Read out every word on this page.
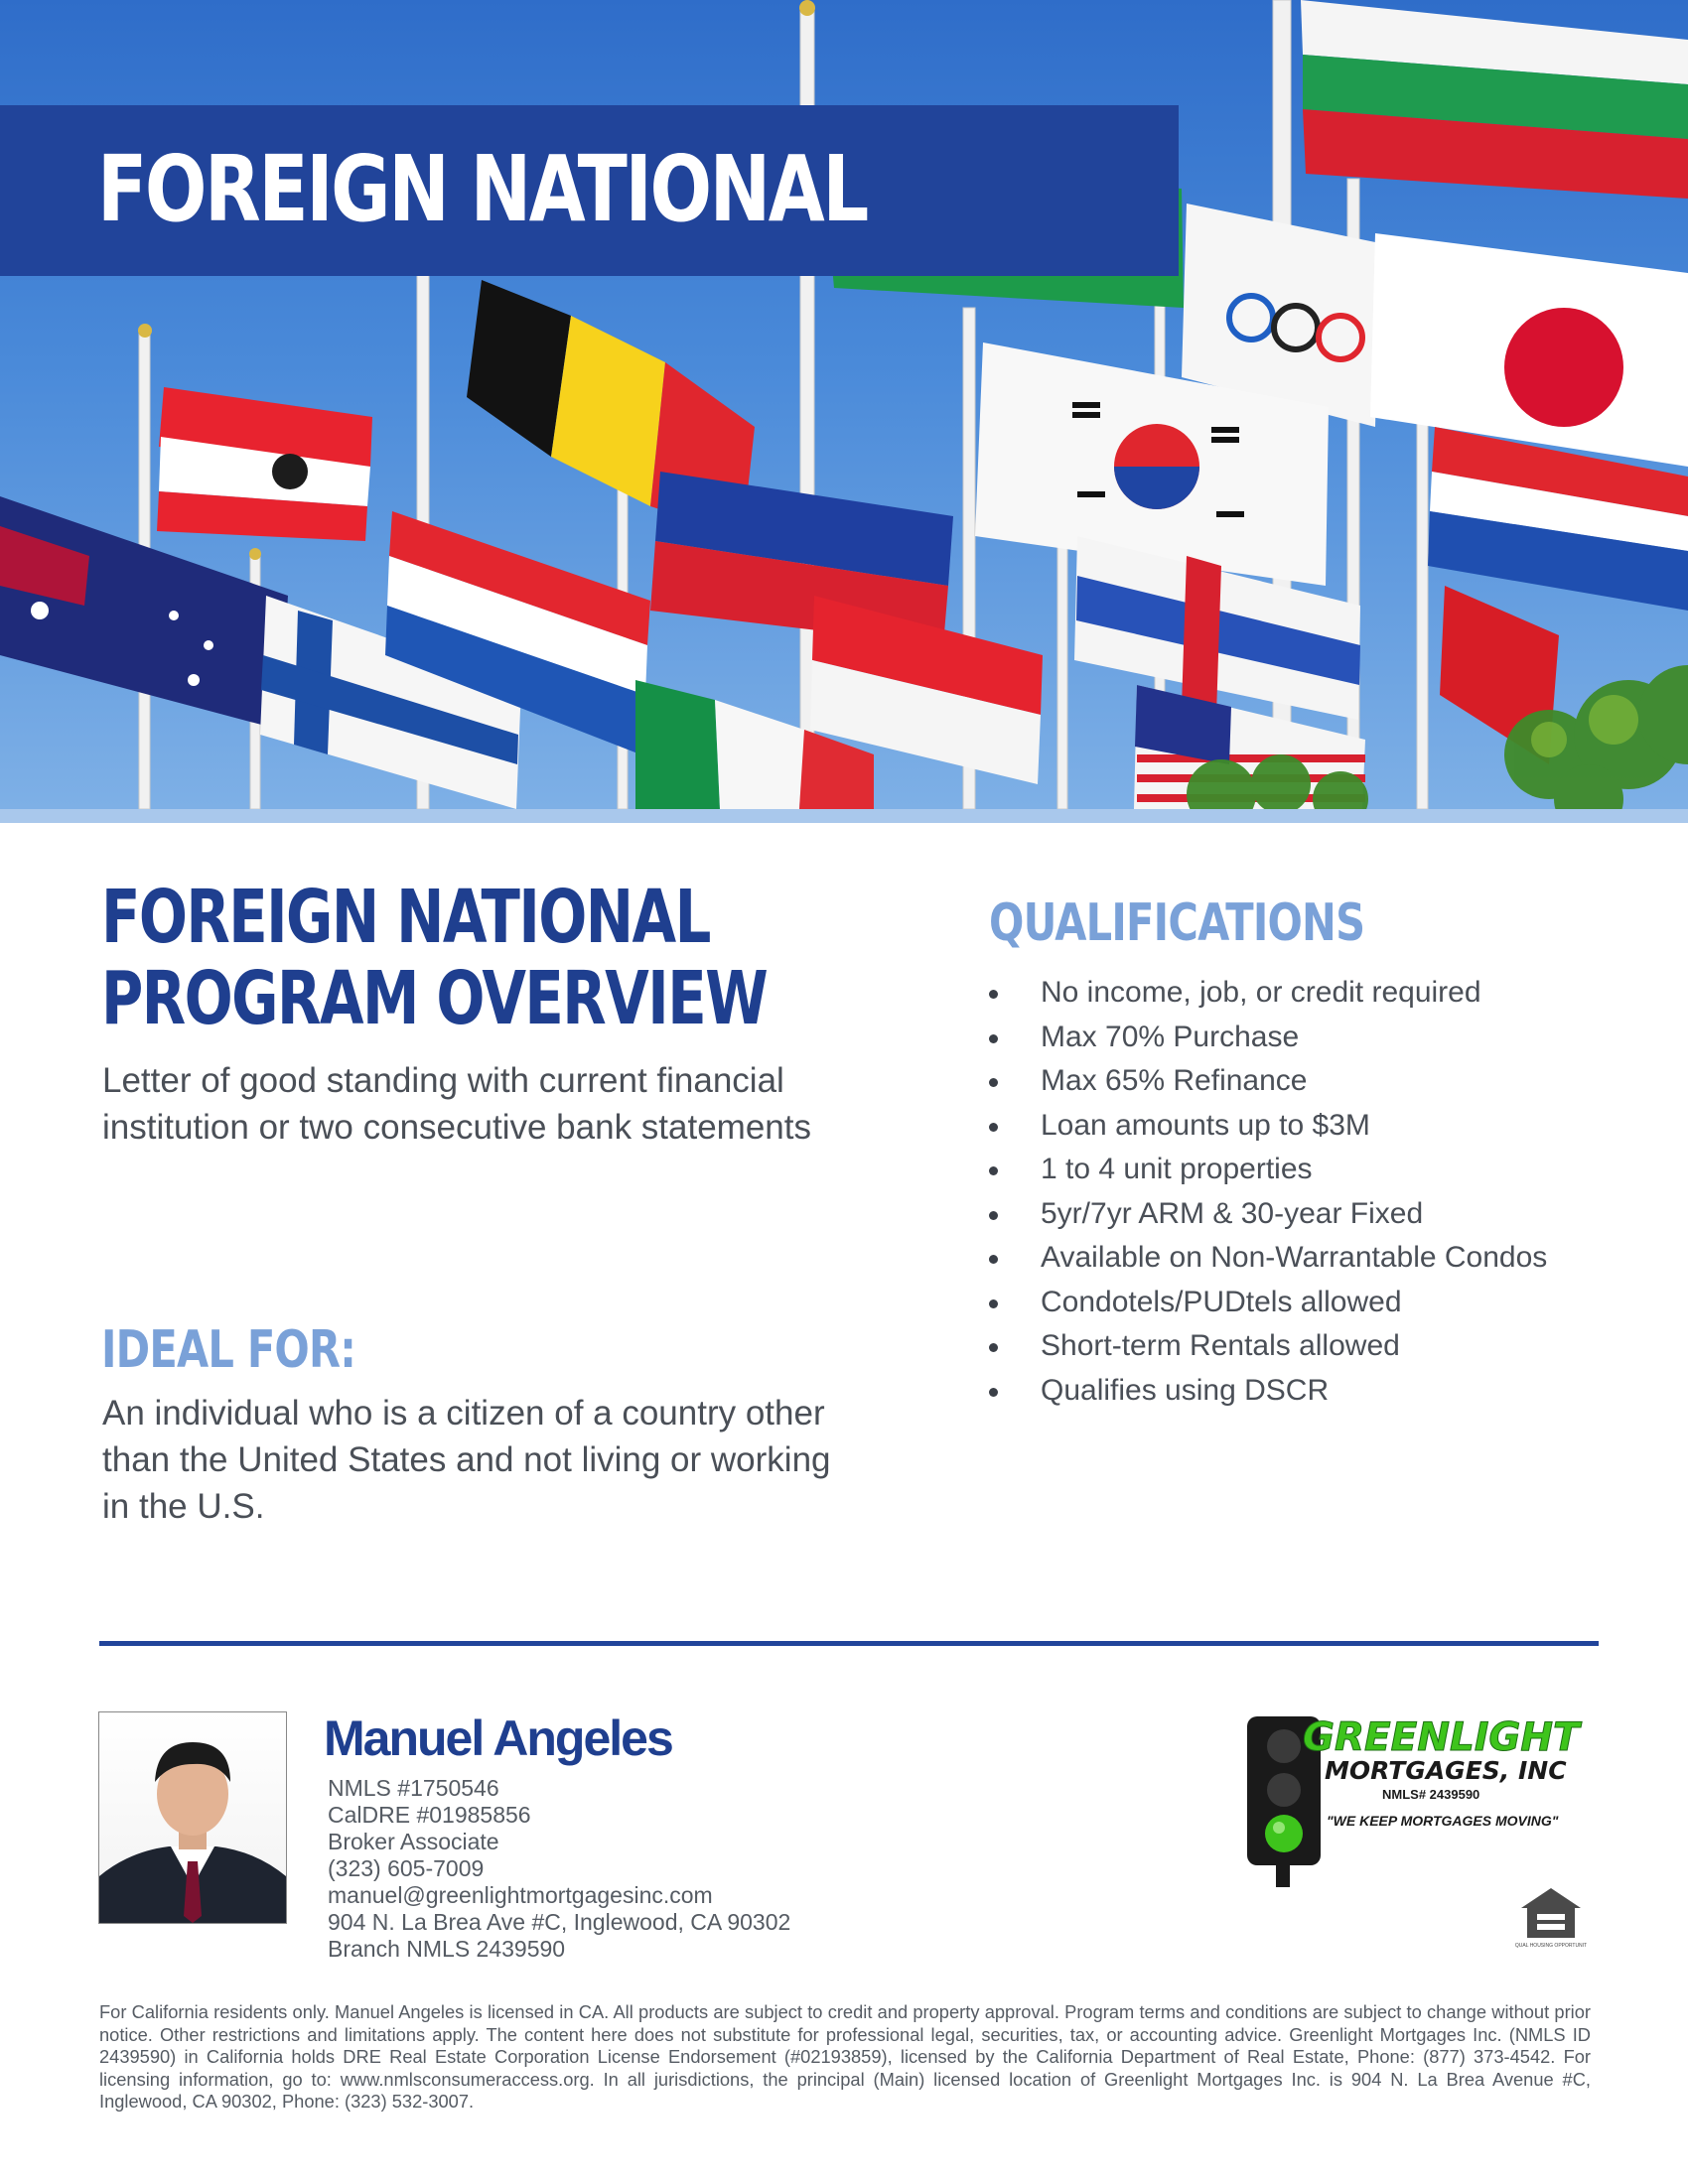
FOREIGN NATIONAL
FOREIGN NATIONAL
PROGRAM OVERVIEW
Letter of good standing with current financial institution or two consecutive bank statements
IDEAL FOR:
An individual who is a citizen of a country other than the United States and not living or working in the U.S.
QUALIFICATIONS
No income, job, or credit required
Max 70% Purchase
Max 65% Refinance
Loan amounts up to $3M
1 to 4 unit properties
5yr/7yr ARM & 30-year Fixed
Available on Non-Warrantable Condos
Condotels/PUDtels allowed
Short-term Rentals allowed
Qualifies using DSCR
Manuel Angeles
NMLS #1750546
CalDRE #01985856
Broker Associate
(323) 605-7009
manuel@greenlightmortgagesinc.com
904 N. La Brea Ave #C, Inglewood, CA 90302
Branch NMLS 2439590
GREENLIGHT
MORTGAGES, INC
NMLS# 2439590
"WE KEEP MORTGAGES MOVING"
EQUAL HOUSING OPPORTUNITY
For California residents only. Manuel Angeles is licensed in CA. All products are subject to credit and property approval. Program terms and conditions are subject to change without prior notice. Other restrictions and limitations apply. The content here does not substitute for professional legal, securities, tax, or accounting advice. Greenlight Mortgages Inc. (NMLS ID 2439590) in California holds DRE Real Estate Corporation License Endorsement (#02193859), licensed by the California Department of Real Estate, Phone: (877) 373-4542. For licensing information, go to: www.nmlsconsumeraccess.org. In all jurisdictions, the principal (Main) licensed location of Greenlight Mortgages Inc. is 904 N. La Brea Avenue #C, Inglewood, CA 90302, Phone: (323) 532-3007.
